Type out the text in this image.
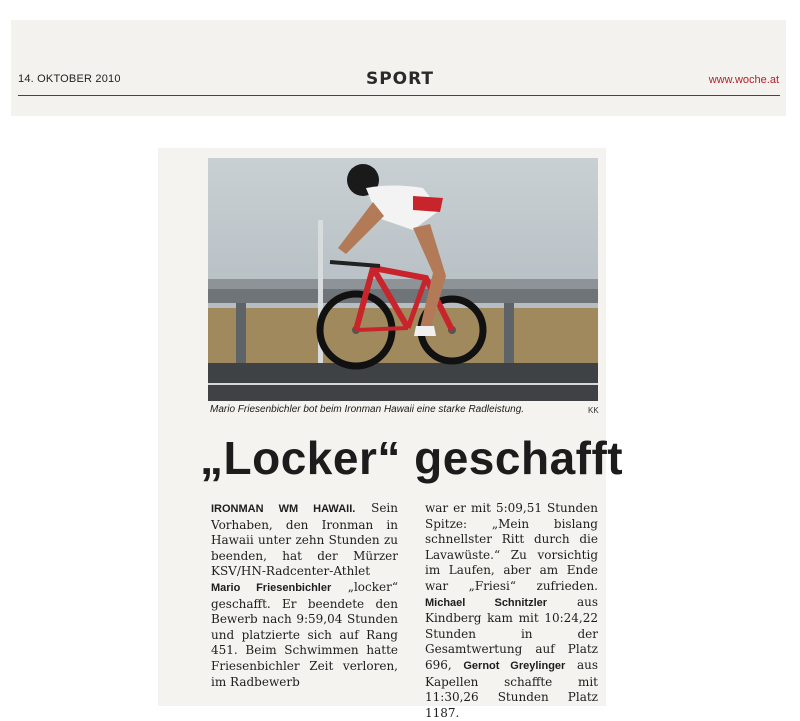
14. OKTOBER 2010	SPORT	www.woche.at
Mario Friesenbichler bot beim Ironman Hawaii eine starke Radleistung.	KK
„Locker“ geschafft
IRONMAN WM HAWAII. Sein Vorhaben, den Ironman in Hawaii unter zehn Stunden zu beenden, hat der Mürzer KSV/HN-Radcenter-Athlet Mario Friesenbichler „locker“ geschafft. Er beendete den Bewerb nach 9:59,04 Stunden und platzierte sich auf Rang 451. Beim Schwimmen hatte Friesenbichler Zeit verloren, im Radbewerb
war er mit 5:09,51 Stunden Spitze: „Mein bislang schnellster Ritt durch die Lavawüste.“ Zu vorsichtig im Laufen, aber am Ende war „Friesi“ zufrieden. Michael Schnitzler aus Kindberg kam mit 10:24,22 Stunden in der Gesamtwertung auf Platz 696, Gernot Greylinger aus Kapellen schaffte mit 11:30,26 Stunden Platz 1187.
